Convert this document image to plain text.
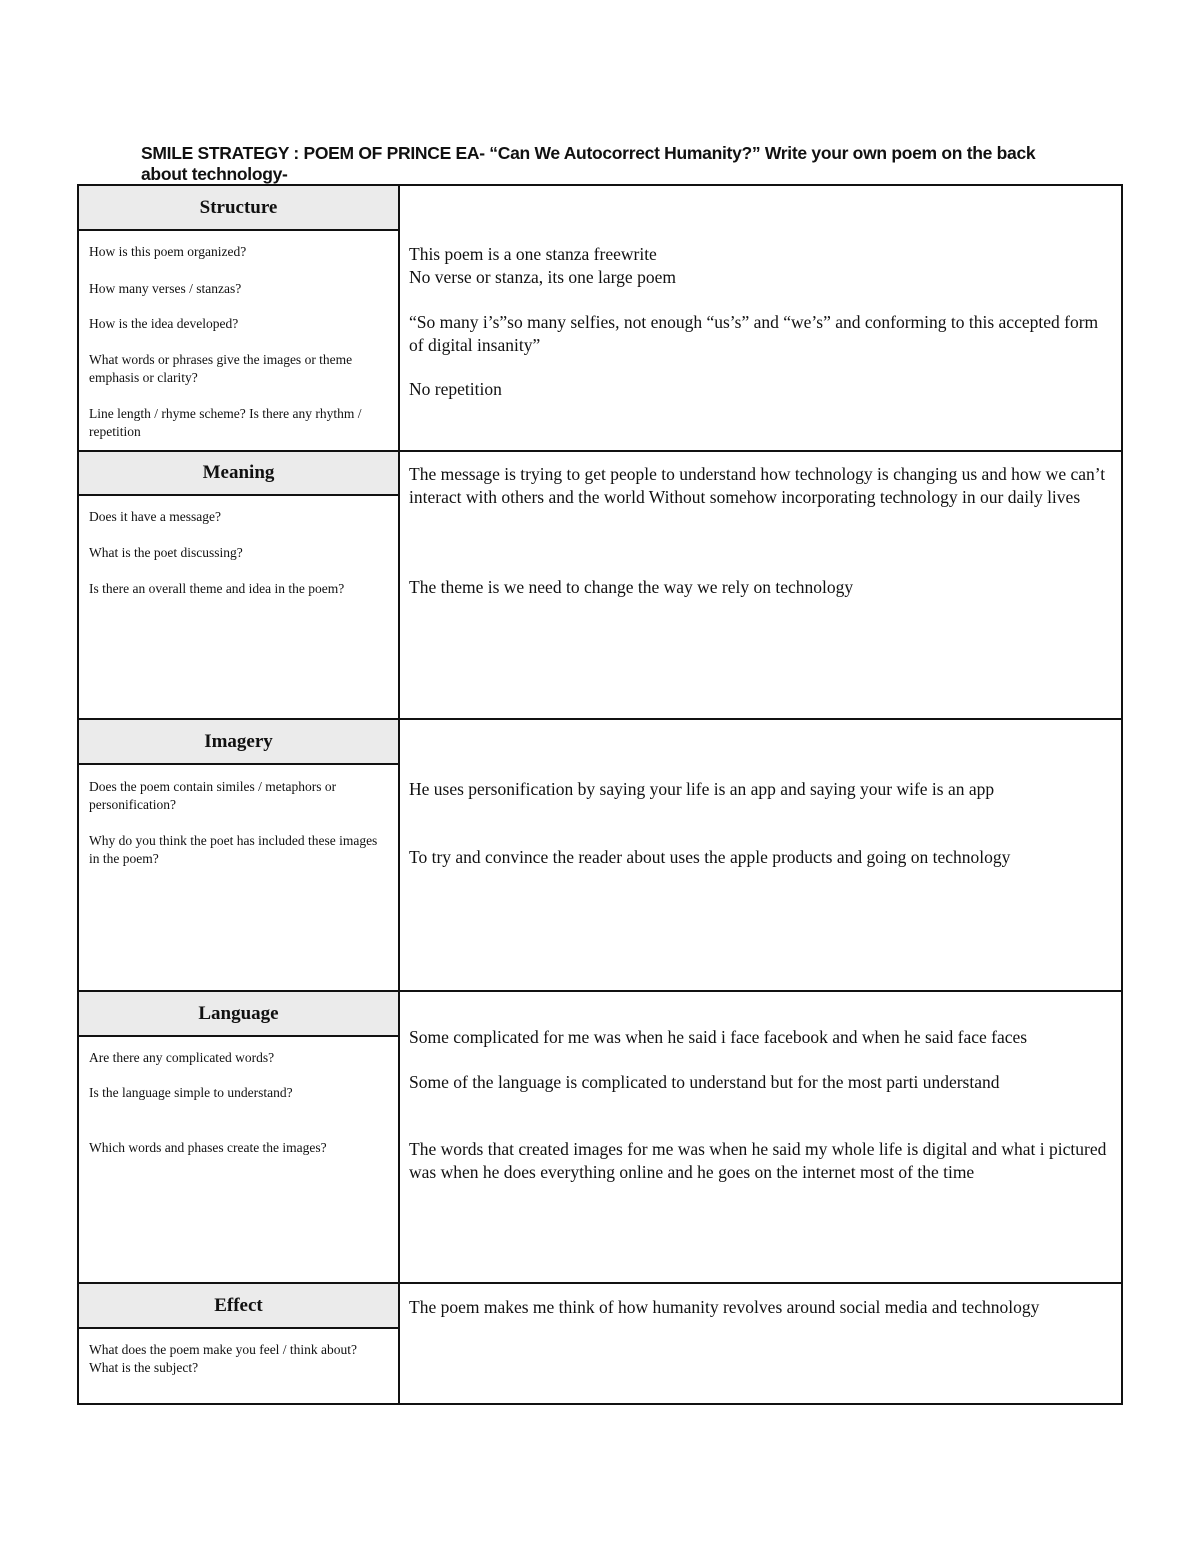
SMILE STRATEGY : POEM OF PRINCE EA- “Can We Autocorrect Humanity?” Write your own poem on the back about technology-
Structure
How is this poem organized?
How many verses / stanzas?
How is the idea developed?
What words or phrases give the images or theme emphasis or clarity?
Line length / rhyme scheme? Is there any rhythm / repetition
This poem is a one stanza freewrite
No verse or stanza, its one large poem
“So many i’s”so many selfies, not enough “us’s” and “we’s” and conforming to this accepted form of digital insanity”
No repetition
Meaning
Does it have a message?
What is the poet discussing?
Is there an overall theme and idea in the poem?
The message is trying to get people to understand how technology is changing us and how we can’t interact with others and the world Without somehow incorporating technology in our daily lives
The theme is we need to change the way we rely on technology
Imagery
Does the poem contain similes / metaphors or personification?
Why do you think the poet has included these images in the poem?
He uses personification by saying your life is an app and saying your wife is an app
To try and convince the reader about uses the apple products and going on technology
Language
Are there any complicated words?
Is the language simple to understand?
Which words and phases create the images?
Some complicated for me was when he said i face facebook and when he said face faces
Some of the language is complicated to understand but for the most parti understand
The words that created images for me was when he said my whole life is digital and what i pictured was when he does everything online and he goes on the internet most of the time
Effect
What does the poem make you feel / think about? What is the subject?
The poem makes me think of how humanity revolves around social media and technology
